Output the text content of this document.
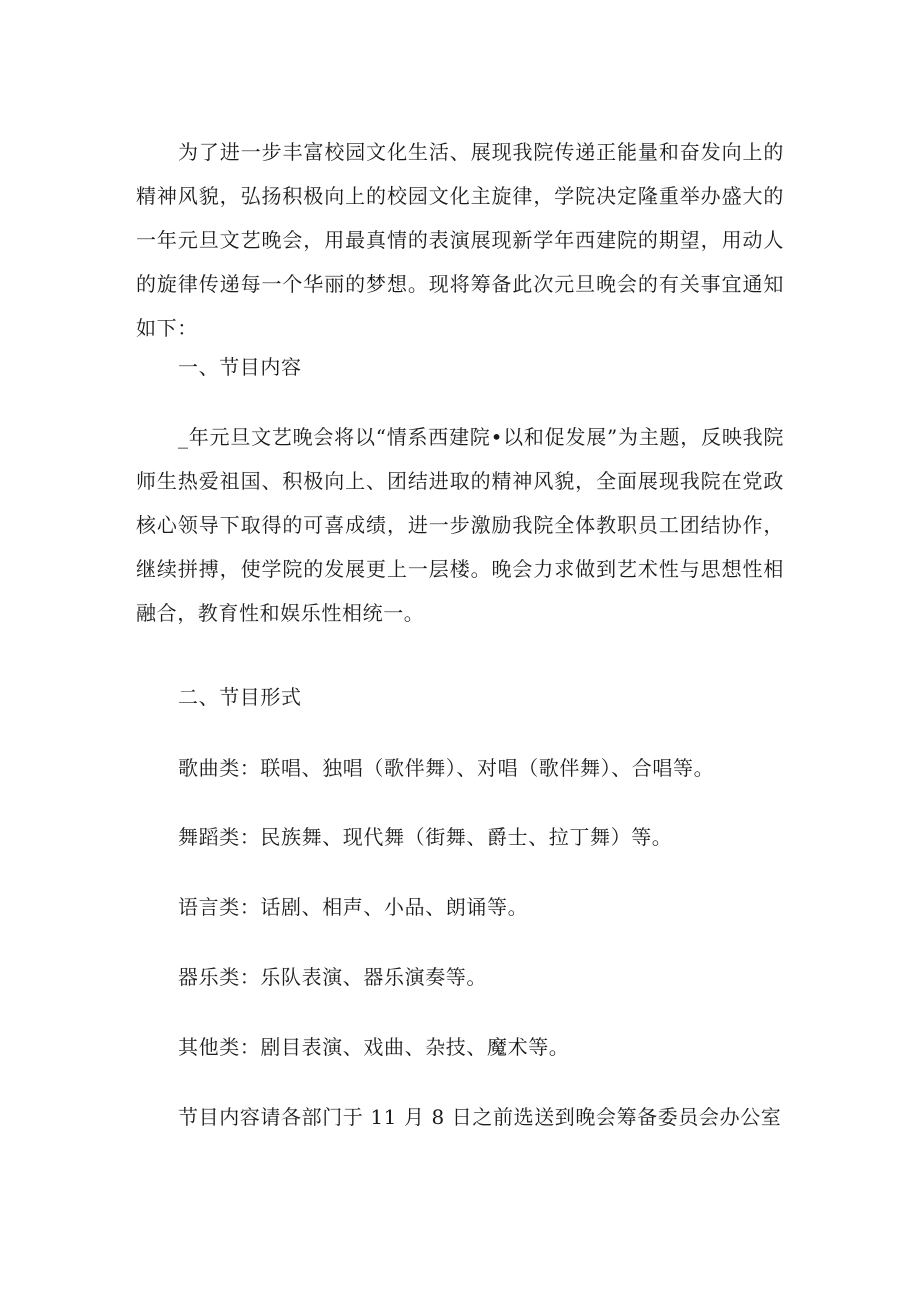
为了进一步丰富校园文化生活、展现我院传递正能量和奋发向上的精神风貌，弘扬积极向上的校园文化主旋律，学院决定隆重举办盛大的一年元旦文艺晚会，用最真情的表演展现新学年西建院的期望，用动人的旋律传递每一个华丽的梦想。现将筹备此次元旦晚会的有关事宜通知如下：
一、节目内容
_年元旦文艺晚会将以“情系西建院•以和促发展”为主题，反映我院师生热爱祖国、积极向上、团结进取的精神风貌，全面展现我院在党政核心领导下取得的可喜成绩，进一步激励我院全体教职员工团结协作，继续拼搏，使学院的发展更上一层楼。晚会力求做到艺术性与思想性相融合，教育性和娱乐性相统一。
二、节目形式
歌曲类：联唱、独唱（歌伴舞）、对唱（歌伴舞）、合唱等。
舞蹈类：民族舞、现代舞（街舞、爵士、拉丁舞）等。
语言类：话剧、相声、小品、朗诵等。
器乐类：乐队表演、器乐演奏等。
其他类：剧目表演、戏曲、杂技、魔术等。
节目内容请各部门于 11 月 8 日之前选送到晚会筹备委员会办公室
